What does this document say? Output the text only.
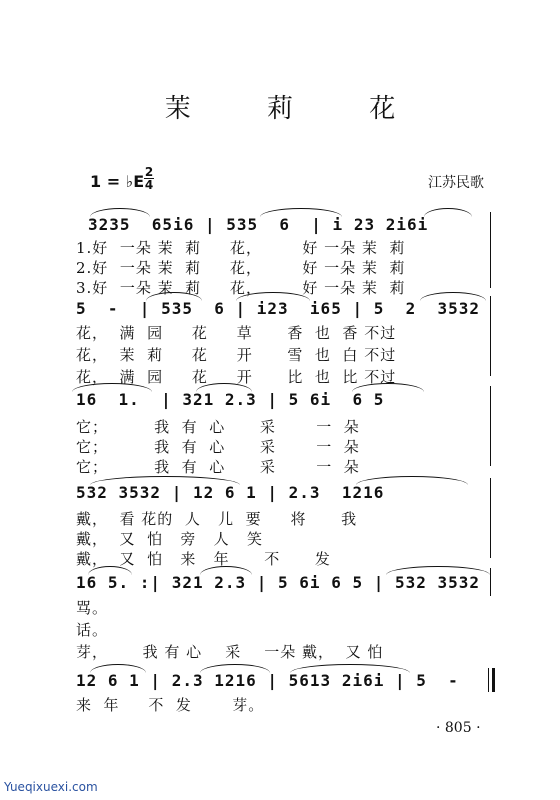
茉 莉 花
1 = ♭E 2
4	江苏民歌
3235  65i6 | 535  6  | i 23 2i6i
1.好  一朵 茉  莉     花，       好 一朵 茉  莉
2.好  一朵 茉  莉     花，       好 一朵 茉  莉
3.好  一朵 茉  莉     花，       好 一朵 茉  莉
5  -  | 535  6 | i23  i65 | 5  2  3532
花，  满  园     花     草      香  也  香 不过
花，  茉  莉     花     开      雪  也  白 不过
花，  满  园     花     开      比  也  比 不过
16  1.  | 321 2.3 | 5 6i  6 5
它；        我  有  心      采       一  朵
它；        我  有  心      采       一  朵
它；        我  有  心      采       一  朵
532 3532 | 12 6 1 | 2.3  1216
戴，  看 花的  人   儿  要     将      我
戴，  又  怕   旁   人   笑
戴，  又  怕   来   年      不      发
16 5. :| 321 2.3 | 5 6i 6 5 | 532 3532
骂。
话。
芽，      我 有 心    采    一朵 戴，  又 怕
12 6 1 | 2.3 1216 | 5613 2i6i | 5  -
来  年     不  发       芽。
· 805 ·
Yueqixuexi.com
